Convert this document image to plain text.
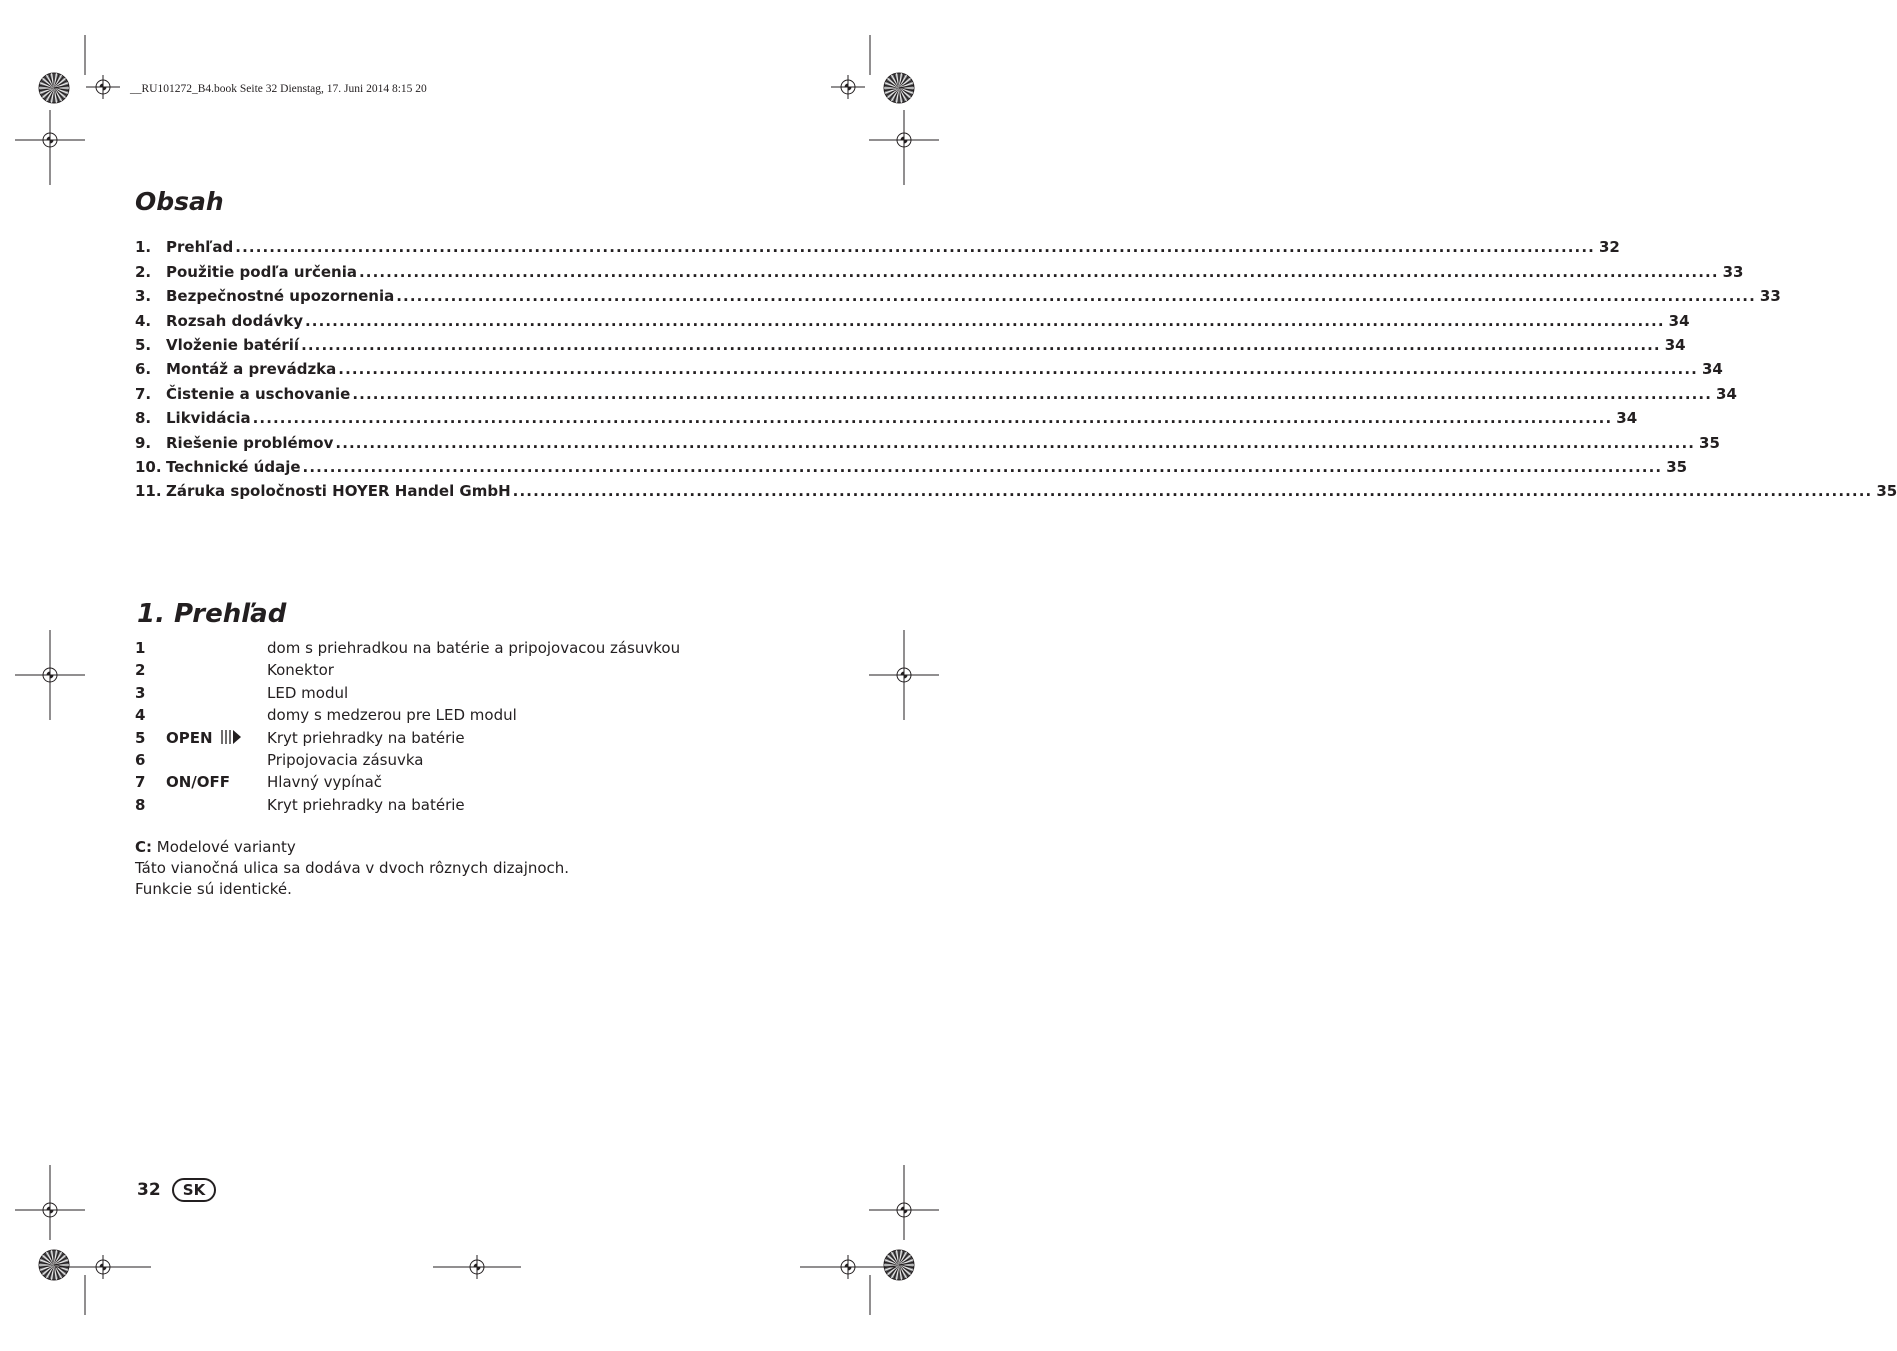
__RU101272_B4.book Seite 32 Dienstag, 17. Juni 2014 8:15 20
Obsah
1. Prehľad ........................................................................................................................................................................................................ 32
2. Použitie podľa určenia ........................................................................................................................................................................................................ 33
3. Bezpečnostné upozornenia ........................................................................................................................................................................................................ 33
4. Rozsah dodávky ........................................................................................................................................................................................................ 34
5. Vloženie batérií ........................................................................................................................................................................................................ 34
6. Montáž a prevádzka ........................................................................................................................................................................................................ 34
7. Čistenie a uschovanie ........................................................................................................................................................................................................ 34
8. Likvidácia ........................................................................................................................................................................................................ 34
9. Riešenie problémov ........................................................................................................................................................................................................ 35
10. Technické údaje ........................................................................................................................................................................................................ 35
11. Záruka spoločnosti HOYER Handel GmbH ........................................................................................................................................................................................................ 35
1. Prehľad
1	dom s priehradkou na batérie a pripojovacou zásuvkou
2	Konektor
3	LED modul
4	domy s medzerou pre LED modul
5 OPEN	Kryt priehradky na batérie
6	Pripojovacia zásuvka
7 ON/OFF Hlavný vypínač
8	Kryt priehradky na batérie
C: Modelové varianty
Táto vianočná ulica sa dodáva v dvoch rôznych dizajnoch.
Funkcie sú identické.
32	SK
